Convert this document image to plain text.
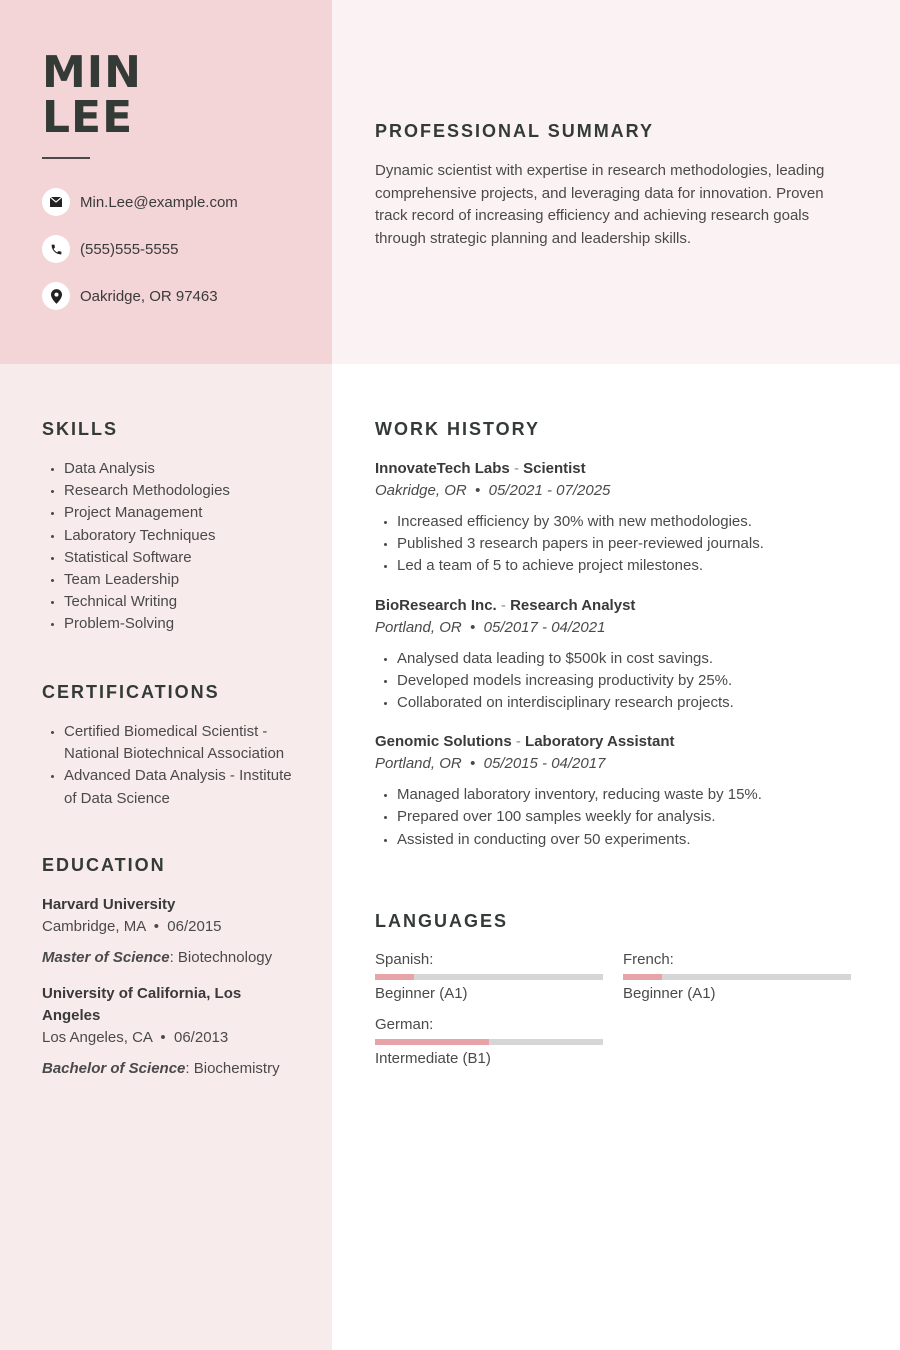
MIN
LEE
Min.Lee@example.com
(555)555-5555
Oakridge, OR 97463
PROFESSIONAL SUMMARY

Dynamic scientist with expertise in research methodologies, leading comprehensive projects, and leveraging data for innovation. Proven track record of increasing efficiency and achieving research goals through strategic planning and leadership skills.

SKILLS
• Data Analysis
• Research Methodologies
• Project Management
• Laboratory Techniques
• Statistical Software
• Team Leadership
• Technical Writing
• Problem-Solving
CERTIFICATIONS
• Certified Biomedical Scientist - National Biotechnical Association
• Advanced Data Analysis - Institute of Data Science
EDUCATION
Harvard University
Cambridge, MA  •  06/2015
Master of Science: Biotechnology
University of California, Los Angeles
Los Angeles, CA  •  06/2013
Bachelor of Science: Biochemistry
WORK HISTORY
InnovateTech Labs - Scientist
Oakridge, OR  •  05/2021 - 07/2025
• Increased efficiency by 30% with new methodologies.
• Published 3 research papers in peer-reviewed journals.
• Led a team of 5 to achieve project milestones.
BioResearch Inc. - Research Analyst
Portland, OR  •  05/2017 - 04/2021
• Analysed data leading to $500k in cost savings.
• Developed models increasing productivity by 25%.
• Collaborated on interdisciplinary research projects.
Genomic Solutions - Laboratory Assistant
Portland, OR  •  05/2015 - 04/2017
• Managed laboratory inventory, reducing waste by 15%.
• Prepared over 100 samples weekly for analysis.
• Assisted in conducting over 50 experiments.
LANGUAGES
Spanish:
Beginner (A1)
French:
Beginner (A1)
German:
Intermediate (B1)
